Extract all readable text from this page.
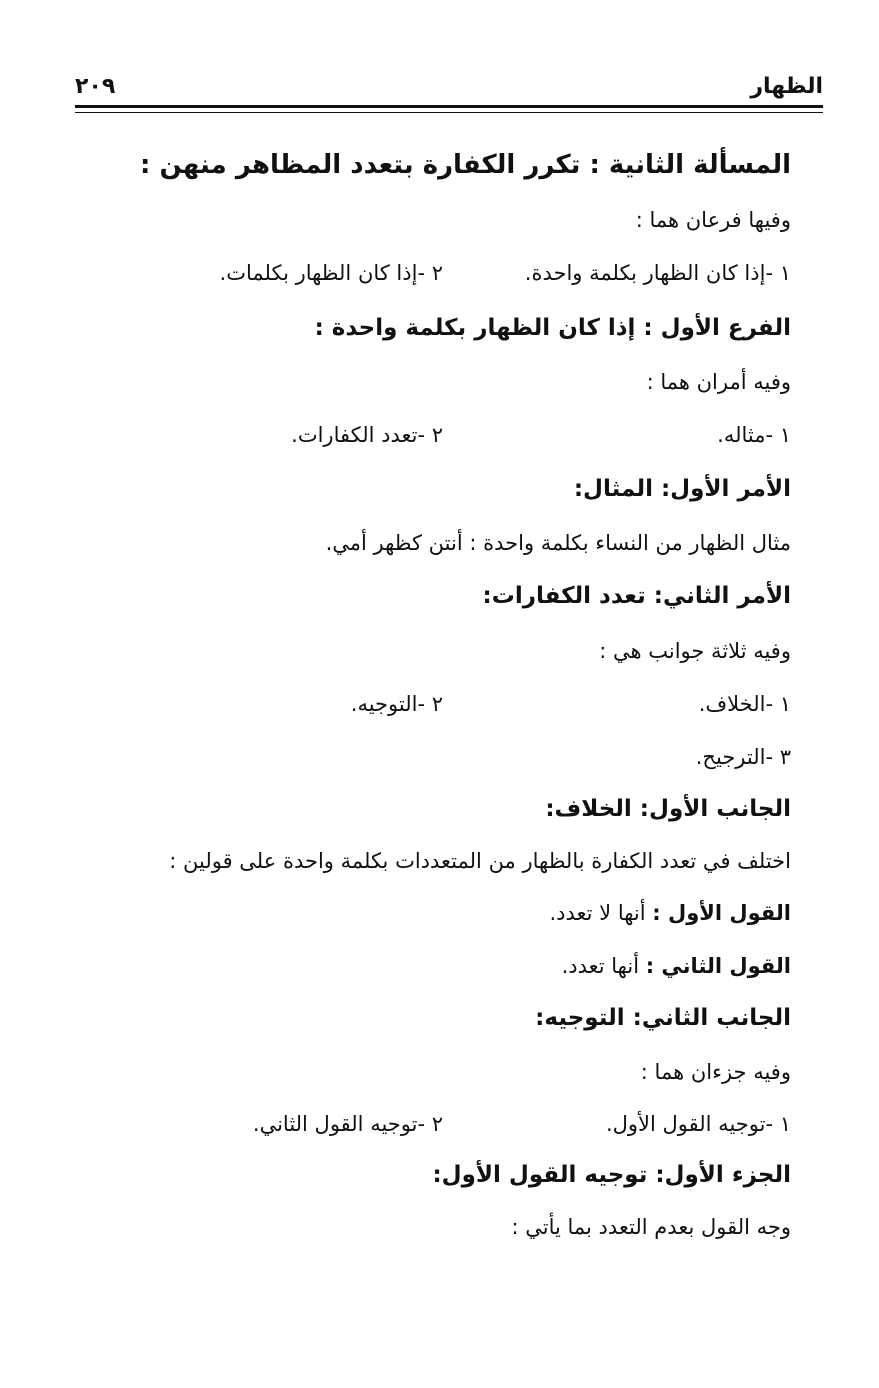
الظهار
٢٠٩
المسألة الثانية : تكرر الكفارة بتعدد المظاهر منهن :
وفيها فرعان هما :
١ -إذا كان الظهار بكلمة واحدة.
٢ -إذا كان الظهار بكلمات.
الفرع الأول : إذا كان الظهار بكلمة واحدة :
وفيه أمران هما :
١ -مثاله.
٢ -تعدد الكفارات.
الأمر الأول: المثال:
مثال الظهار من النساء بكلمة واحدة : أنتن كظهر أمي.
الأمر الثاني: تعدد الكفارات:
وفيه ثلاثة جوانب هي :
١ -الخلاف.
٢ -التوجيه.
٣ -الترجيح.
الجانب الأول: الخلاف:
اختلف في تعدد الكفارة بالظهار من المتعددات بكلمة واحدة على قولين :
القول الأول : أنها لا تعدد.
القول الثاني : أنها تعدد.
الجانب الثاني: التوجيه:
وفيه جزءان هما :
١ -توجيه القول الأول.
٢ -توجيه القول الثاني.
الجزء الأول: توجيه القول الأول:
وجه القول بعدم التعدد بما يأتي :
